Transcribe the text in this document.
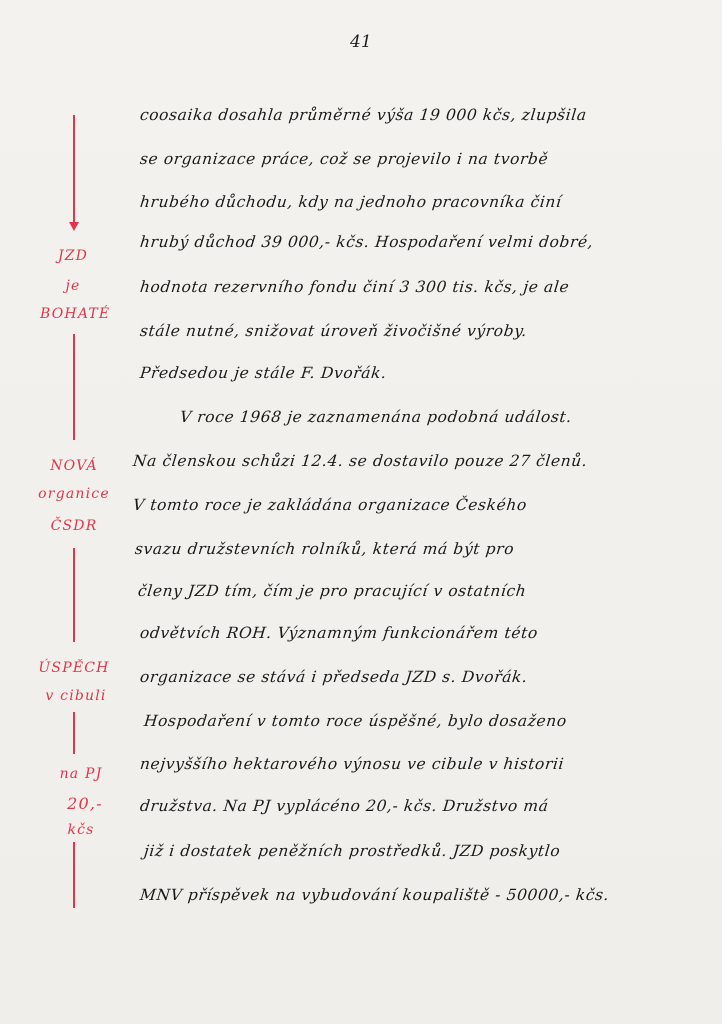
41
coosaika dosahla průměrné výša 19 000 kčs, zlupšila
se organizace práce, což se projevilo i na tvorbě
hrubého důchodu, kdy na jednoho pracovníka činí
hrubý důchod 39 000,- kčs. Hospodaření velmi dobré,
hodnota rezervního fondu činí 3 300 tis. kčs, je ale
stále nutné, snižovat úroveň živočišné výroby.
Předsedou je stále F. Dvořák.
V roce 1968 je zaznamenána podobná událost.
Na členskou schůzi 12.4. se dostavilo pouze 27 členů.
V tomto roce je zakládána organizace Českého
svazu družstevních rolníků, která má být pro
členy JZD tím, čím je pro pracující v ostatních
odvětvích ROH. Významným funkcionářem této
organizace se stává i předseda JZD s. Dvořák.
Hospodaření v tomto roce úspěšné, bylo dosaženo
nejvyššího hektarového výnosu ve cibule v historii
družstva. Na PJ vyplácéno 20,- kčs. Družstvo má
již i dostatek peněžních prostředků. JZD poskytlo
MNV příspěvek na vybudování koupaliště - 50000,- kčs.
JZD
je
BOHATÉ
NOVÁ
organice
ČSDR
ÚSPĚCH
v cibuli
na PJ
20,-
kčs
